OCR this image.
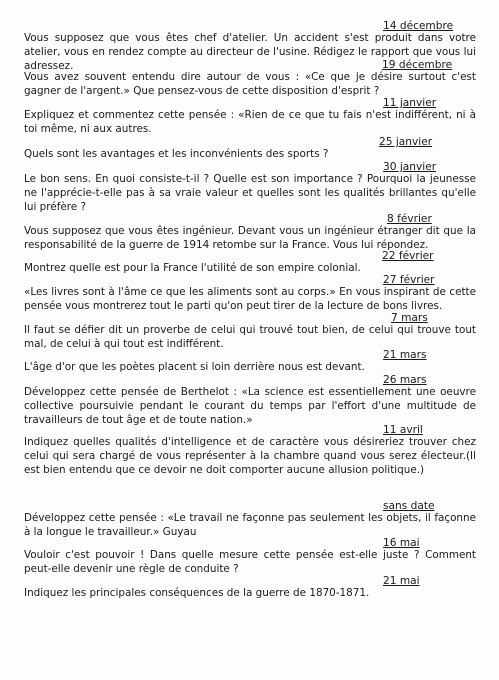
14 décembre
Vous supposez que vous êtes chef d'atelier. Un accident s'est produit dans votre atelier, vous en rendez compte au directeur de l'usine. Rédigez le rapport que vous lui adressez.	19 décembre
Vous avez souvent entendu dire autour de vous : «Ce que je désire surtout c'est gagner de l'argent.» Que pensez-vous de cette disposition d'esprit ?
11 janvier
Expliquez et commentez cette pensée : «Rien de ce que tu fais n'est indifférent, ni à toi même, ni aux autres.
25 janvier
Quels sont les avantages et les inconvénients des sports ?
30 janvier
Le bon sens. En quoi consiste-t-il ? Quelle est son importance ? Pourquoi la jeunesse ne l'apprécie-t-elle pas à sa vraie valeur et quelles sont les qualités brillantes qu'elle lui préfère ?
8 février
Vous supposez que vous êtes ingénieur. Devant vous un ingénieur étranger dit que la responsabilité de la guerre de 1914 retombe sur la France. Vous lui répondez.
22 février
Montrez quelle est pour la France l'utilité de son empire colonial.
27 février
«Les livres sont à l'âme ce que les aliments sont au corps.» En vous inspirant de cette pensée vous montrerez tout le parti qu'on peut tirer de la lecture de bons livres.
7 mars
Il faut se défier dit un proverbe de celui qui trouvé tout bien, de celui qui trouve tout mal, de celui à qui tout est indifférent.
21 mars
L'âge d'or que les poètes placent si loin derrière nous est devant.
26 mars
Développez cette pensée de Berthelot : «La science est essentiellement une oeuvre collective poursuivie pendant le courant du temps par l'effort d'une multitude de travailleurs de tout âge et de toute nation.»
11 avril
Indiquez quelles qualités d'intelligence et de caractère vous désireriez trouver chez celui qui sera chargé de vous représenter à la chambre quand vous serez électeur.(Il est bien entendu que ce devoir ne doit comporter aucune allusion politique.)
sans date
Développez cette pensée : «Le travail ne façonne pas seulement les objets, il façonne à la longue le travailleur.» Guyau
16 mai
Vouloir c'est pouvoir ! Dans quelle mesure cette pensée est-elle juste ? Comment peut-elle devenir une règle de conduite ?
21 mai
Indiquez les principales conséquences de la guerre de 1870-1871.
